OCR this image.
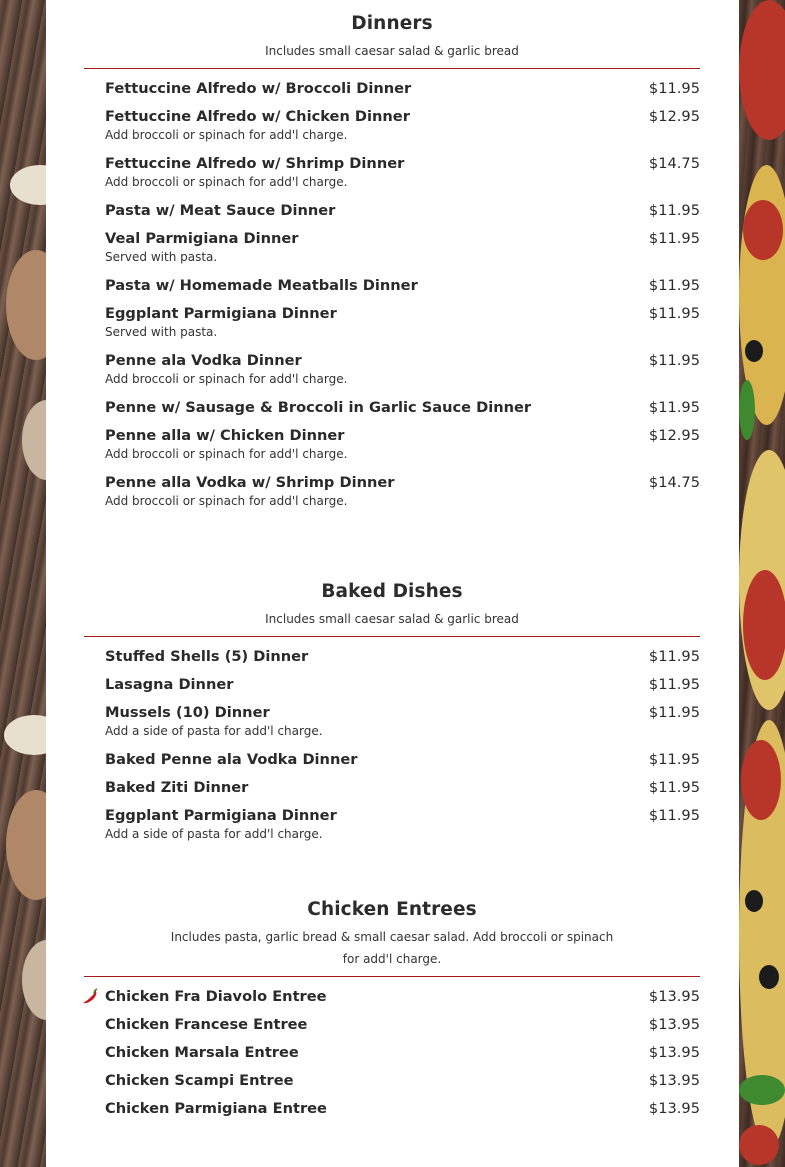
Dinners
Includes small caesar salad & garlic bread
Fettuccine Alfredo w/ Broccoli Dinner	$11.95
Fettuccine Alfredo w/ Chicken Dinner	$12.95
Add broccoli or spinach for add'l charge.
Fettuccine Alfredo w/ Shrimp Dinner	$14.75
Add broccoli or spinach for add'l charge.
Pasta w/ Meat Sauce Dinner	$11.95
Veal Parmigiana Dinner	$11.95
Served with pasta.
Pasta w/ Homemade Meatballs Dinner	$11.95
Eggplant Parmigiana Dinner	$11.95
Served with pasta.
Penne ala Vodka Dinner	$11.95
Add broccoli or spinach for add'l charge.
Penne w/ Sausage & Broccoli in Garlic Sauce Dinner	$11.95
Penne alla w/ Chicken Dinner	$12.95
Add broccoli or spinach for add'l charge.
Penne alla Vodka w/ Shrimp Dinner	$14.75
Add broccoli or spinach for add'l charge.
Baked Dishes
Includes small caesar salad & garlic bread
Stuffed Shells (5) Dinner	$11.95
Lasagna Dinner	$11.95
Mussels (10) Dinner	$11.95
Add a side of pasta for add'l charge.
Baked Penne ala Vodka Dinner	$11.95
Baked Ziti Dinner	$11.95
Eggplant Parmigiana Dinner	$11.95
Add a side of pasta for add'l charge.
Chicken Entrees
Includes pasta, garlic bread & small caesar salad. Add broccoli or spinach for add'l charge.
Chicken Fra Diavolo Entree	$13.95
Chicken Francese Entree	$13.95
Chicken Marsala Entree	$13.95
Chicken Scampi Entree	$13.95
Chicken Parmigiana Entree	$13.95
